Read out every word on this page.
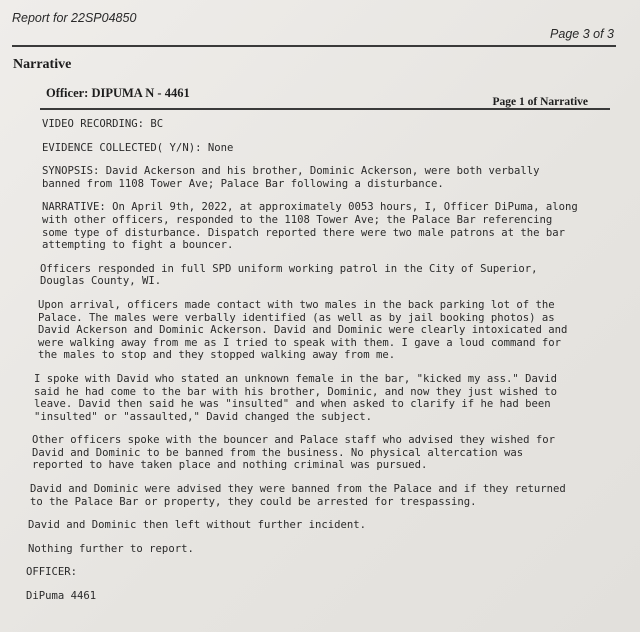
Report for 22SP04850
Page 3 of 3
Narrative
Officer: DIPUMA N - 4461
Page 1 of Narrative

VIDEO RECORDING: BC

EVIDENCE COLLECTED( Y/N): None

SYNOPSIS: David Ackerson and his brother, Dominic Ackerson, were both verbally
banned from 1108 Tower Ave; Palace Bar following a disturbance.

NARRATIVE: On April 9th, 2022, at approximately 0053 hours, I, Officer DiPuma, along
with other officers, responded to the 1108 Tower Ave; the Palace Bar referencing
some type of disturbance. Dispatch reported there were two male patrons at the bar
attempting to fight a bouncer.

Officers responded in full SPD uniform working patrol in the City of Superior,
Douglas County, WI.

Upon arrival, officers made contact with two males in the back parking lot of the
Palace. The males were verbally identified (as well as by jail booking photos) as
David Ackerson and Dominic Ackerson. David and Dominic were clearly intoxicated and
were walking away from me as I tried to speak with them. I gave a loud command for
the males to stop and they stopped walking away from me.

I spoke with David who stated an unknown female in the bar, "kicked my ass." David
said he had come to the bar with his brother, Dominic, and now they just wished to
leave. David then said he was "insulted" and when asked to clarify if he had been
"insulted" or "assaulted," David changed the subject.

Other officers spoke with the bouncer and Palace staff who advised they wished for
David and Dominic to be banned from the business. No physical altercation was
reported to have taken place and nothing criminal was pursued.

David and Dominic were advised they were banned from the Palace and if they returned
to the Palace Bar or property, they could be arrested for trespassing.

David and Dominic then left without further incident.

Nothing further to report.

OFFICER:

DiPuma 4461
